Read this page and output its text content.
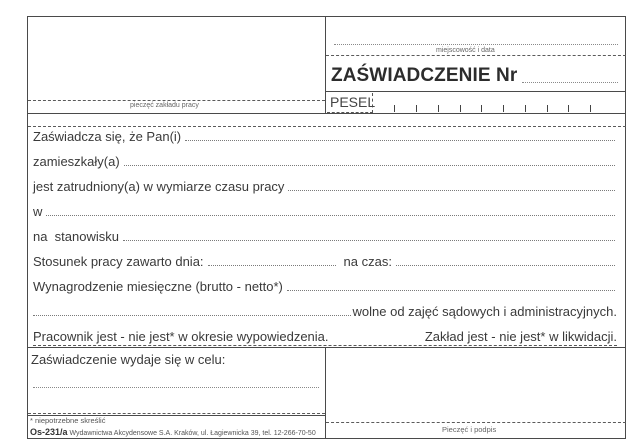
pieczęć zakładu pracy
miejscowość i data
ZAŚWIADCZENIE Nr
PESEL
Zaświadcza się, że Pan(i)
zamieszkały(a)
jest zatrudniony(a) w wymiarze czasu pracy
w
na  stanowisku
Stosunek pracy zawarto dnia:	na czas:
Wynagrodzenie miesięczne (brutto - netto*)
wolne od zajęć sądowych i administracyjnych.
Pracownik jest - nie jest* w okresie wypowiedzenia.	Zakład jest - nie jest* w likwidacji.
Zaświadczenie wydaje się w celu:
* niepotrzebne skreślić
Os-231/a Wydawnictwa Akcydensowe S.A. Kraków, ul. Łagiewnicka 39, tel. 12-266-70-50	Pieczęć i podpis
